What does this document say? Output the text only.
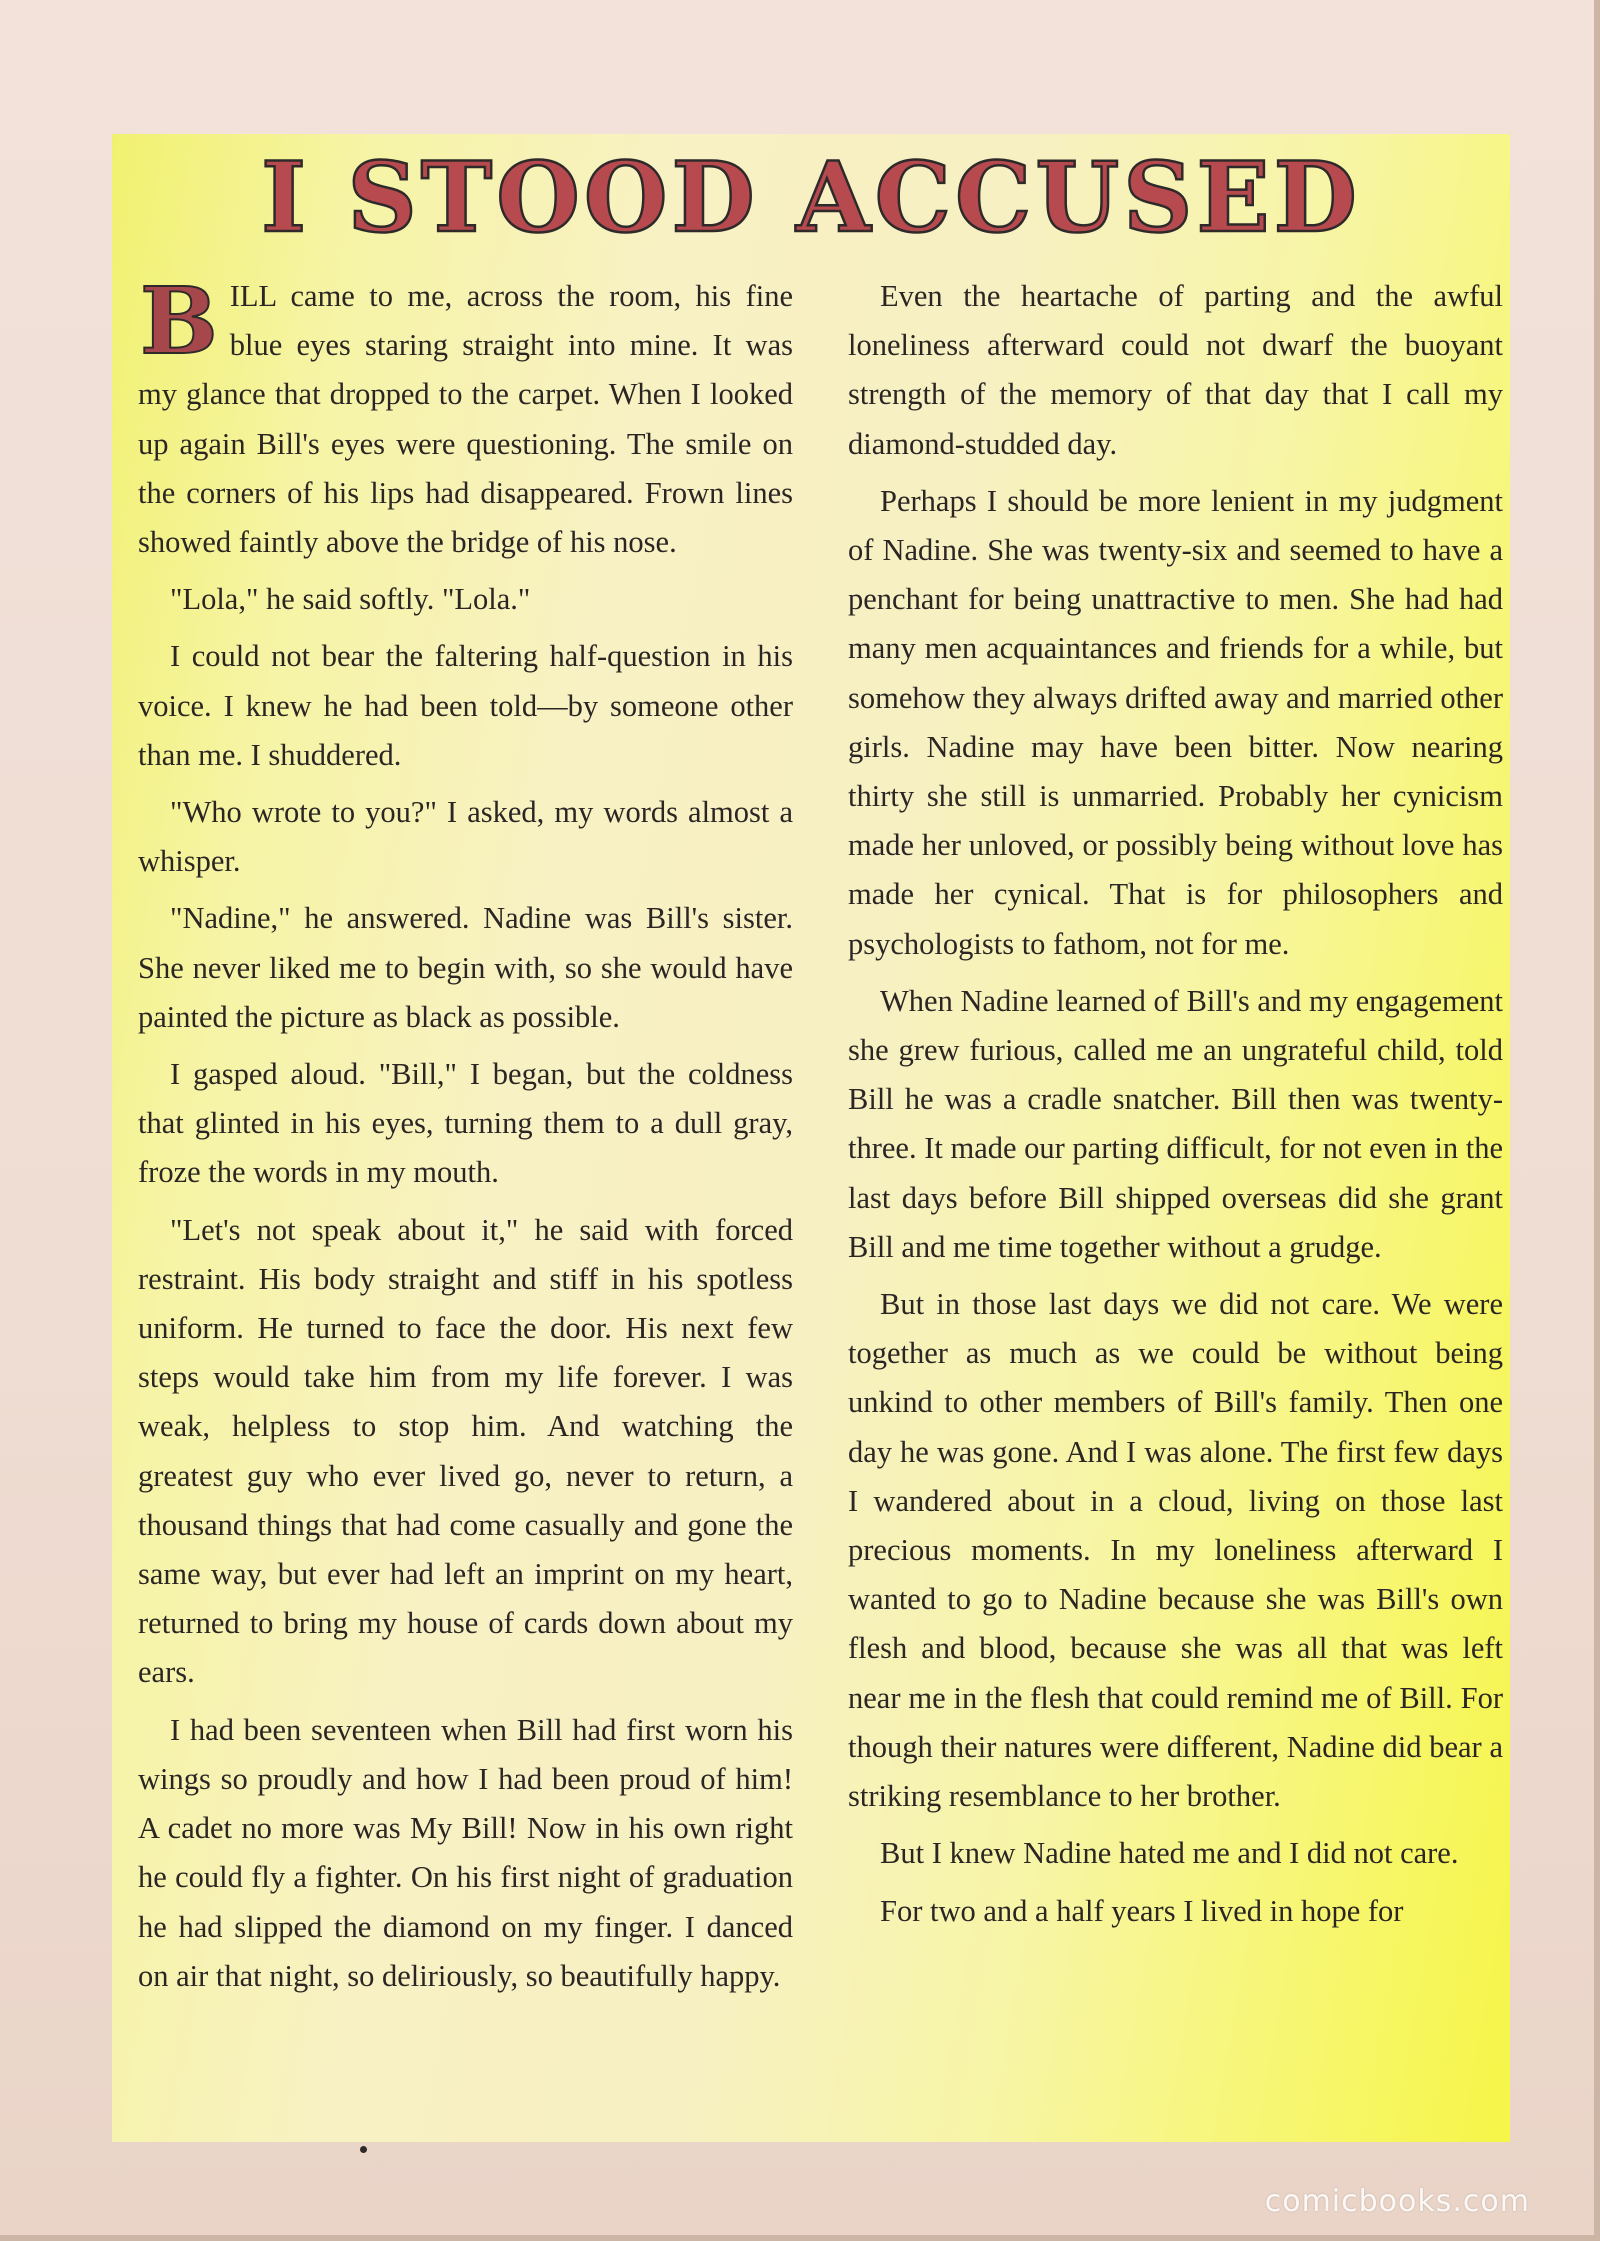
I STOOD ACCUSED

B ILL came to me, across the room, his fine blue eyes staring straight into mine. It was my glance that dropped to the carpet. When I looked up again Bill's eyes were questioning. The smile on the corners of his lips had disappeared. Frown lines showed faintly above the bridge of his nose.

"Lola," he said softly. "Lola."

I could not bear the faltering half-question in his voice. I knew he had been told—by someone other than me. I shuddered.

"Who wrote to you?" I asked, my words almost a whisper.

"Nadine," he answered. Nadine was Bill's sister. She never liked me to begin with, so she would have painted the picture as black as possible.

I gasped aloud. "Bill," I began, but the coldness that glinted in his eyes, turning them to a dull gray, froze the words in my mouth.

"Let's not speak about it," he said with forced restraint. His body straight and stiff in his spotless uniform. He turned to face the door. His next few steps would take him from my life forever. I was weak, helpless to stop him. And watching the greatest guy who ever lived go, never to return, a thousand things that had come casually and gone the same way, but ever had left an imprint on my heart, returned to bring my house of cards down about my ears.

I had been seventeen when Bill had first worn his wings so proudly and how I had been proud of him! A cadet no more was My Bill! Now in his own right he could fly a fighter. On his first night of graduation he had slipped the diamond on my finger. I danced on air that night, so deliriously, so beautifully happy.

Even the heartache of parting and the awful loneliness afterward could not dwarf the buoyant strength of the memory of that day that I call my diamond-studded day.

Perhaps I should be more lenient in my judgment of Nadine. She was twenty-six and seemed to have a penchant for being unattractive to men. She had had many men acquaintances and friends for a while, but somehow they always drifted away and married other girls. Nadine may have been bitter. Now nearing thirty she still is unmarried. Probably her cynicism made her unloved, or possibly being without love has made her cynical. That is for philosophers and psychologists to fathom, not for me.

When Nadine learned of Bill's and my engagement she grew furious, called me an ungrateful child, told Bill he was a cradle snatcher. Bill then was twenty-three. It made our parting difficult, for not even in the last days before Bill shipped overseas did she grant Bill and me time together without a grudge.

But in those last days we did not care. We were together as much as we could be without being unkind to other members of Bill's family. Then one day he was gone. And I was alone. The first few days I wandered about in a cloud, living on those last precious moments. In my loneliness afterward I wanted to go to Nadine because she was Bill's own flesh and blood, because she was all that was left near me in the flesh that could remind me of Bill. For though their natures were different, Nadine did bear a striking resemblance to her brother.

But I knew Nadine hated me and I did not care.

For two and a half years I lived in hope for

comicbooks.com
